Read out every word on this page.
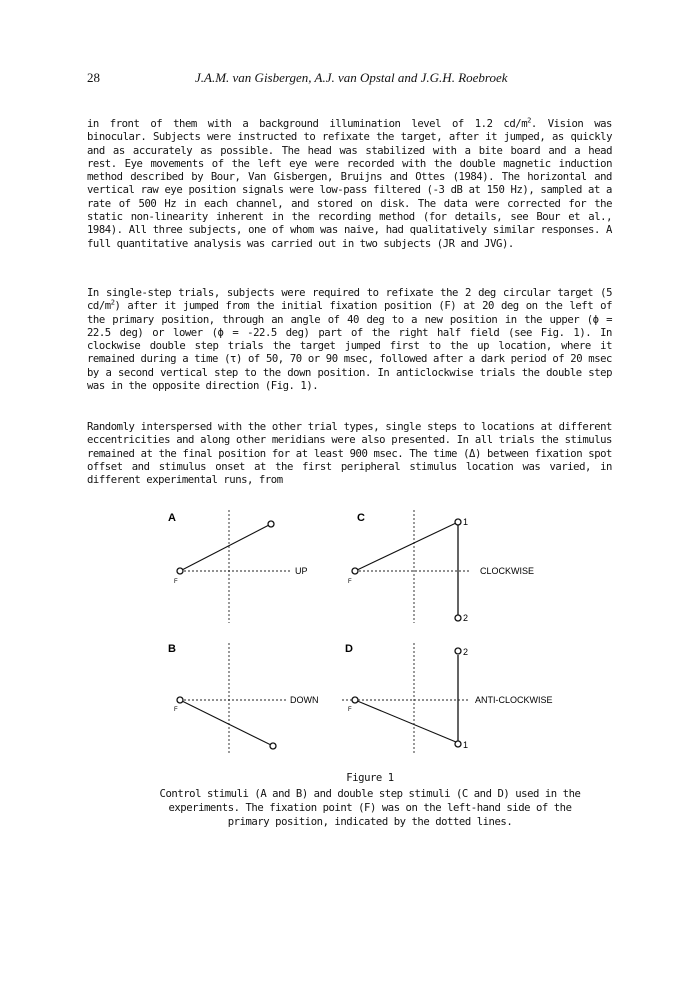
28	J.A.M. van Gisbergen, A.J. van Opstal and J.G.H. Roebroek

in front of them with a background illumination level of 1.2 $cd/m^2$. Vision was binocular. Subjects were instructed to refixate the target, after it jumped, as quickly and as accurately as possible. The head was stabilized with a bite board and a head rest. Eye movements of the left eye were recorded with the double magnetic induction method described by Bour, Van Gisbergen, Bruijns and Ottes (1984). The horizontal and vertical raw eye position signals were low-pass filtered (-3 dB at 150 Hz), sampled at a rate of 500 Hz in each channel, and stored on disk. The data were corrected for the static non-linearity inherent in the recording method (for details, see Bour et al., 1984). All three subjects, one of whom was naive, had qualitatively similar responses. A full quantitative analysis was carried out in two subjects (JR and JVG).

In single-step trials, subjects were required to refixate the 2 deg circular target (5 $cd/m^2$) after it jumped from the initial fixation position (F) at 20 deg on the left of the primary position, through an angle of 40 deg to a new position in the upper (ϕ = 22.5 deg) or lower (ϕ = -22.5 deg) part of the right half field (see Fig. 1). In clockwise double step trials the target jumped first to the up location, where it remained during a time (τ) of 50, 70 or 90 msec, followed after a dark period of 20 msec by a second vertical step to the down position. In anticlockwise trials the double step was in the opposite direction (Fig. 1).

Randomly interspersed with the other trial types, single steps to locations at different eccentricities and along other meridians were also presented. In all trials the stimulus remained at the final position for at least 900 msec. The time (Δ) between fixation spot offset and stimulus onset at the first peripheral stimulus location was varied, in different experimental runs, from

A
F
UP
B
F
DOWN
C
F
1
2
CLOCKWISE
D
F
1
2
ANTI-CLOCKWISE
Figure 1
Control stimuli (A and B) and double step stimuli (C and D) used in the experiments. The fixation point (F) was on the left-hand side of the primary position, indicated by the dotted lines.
